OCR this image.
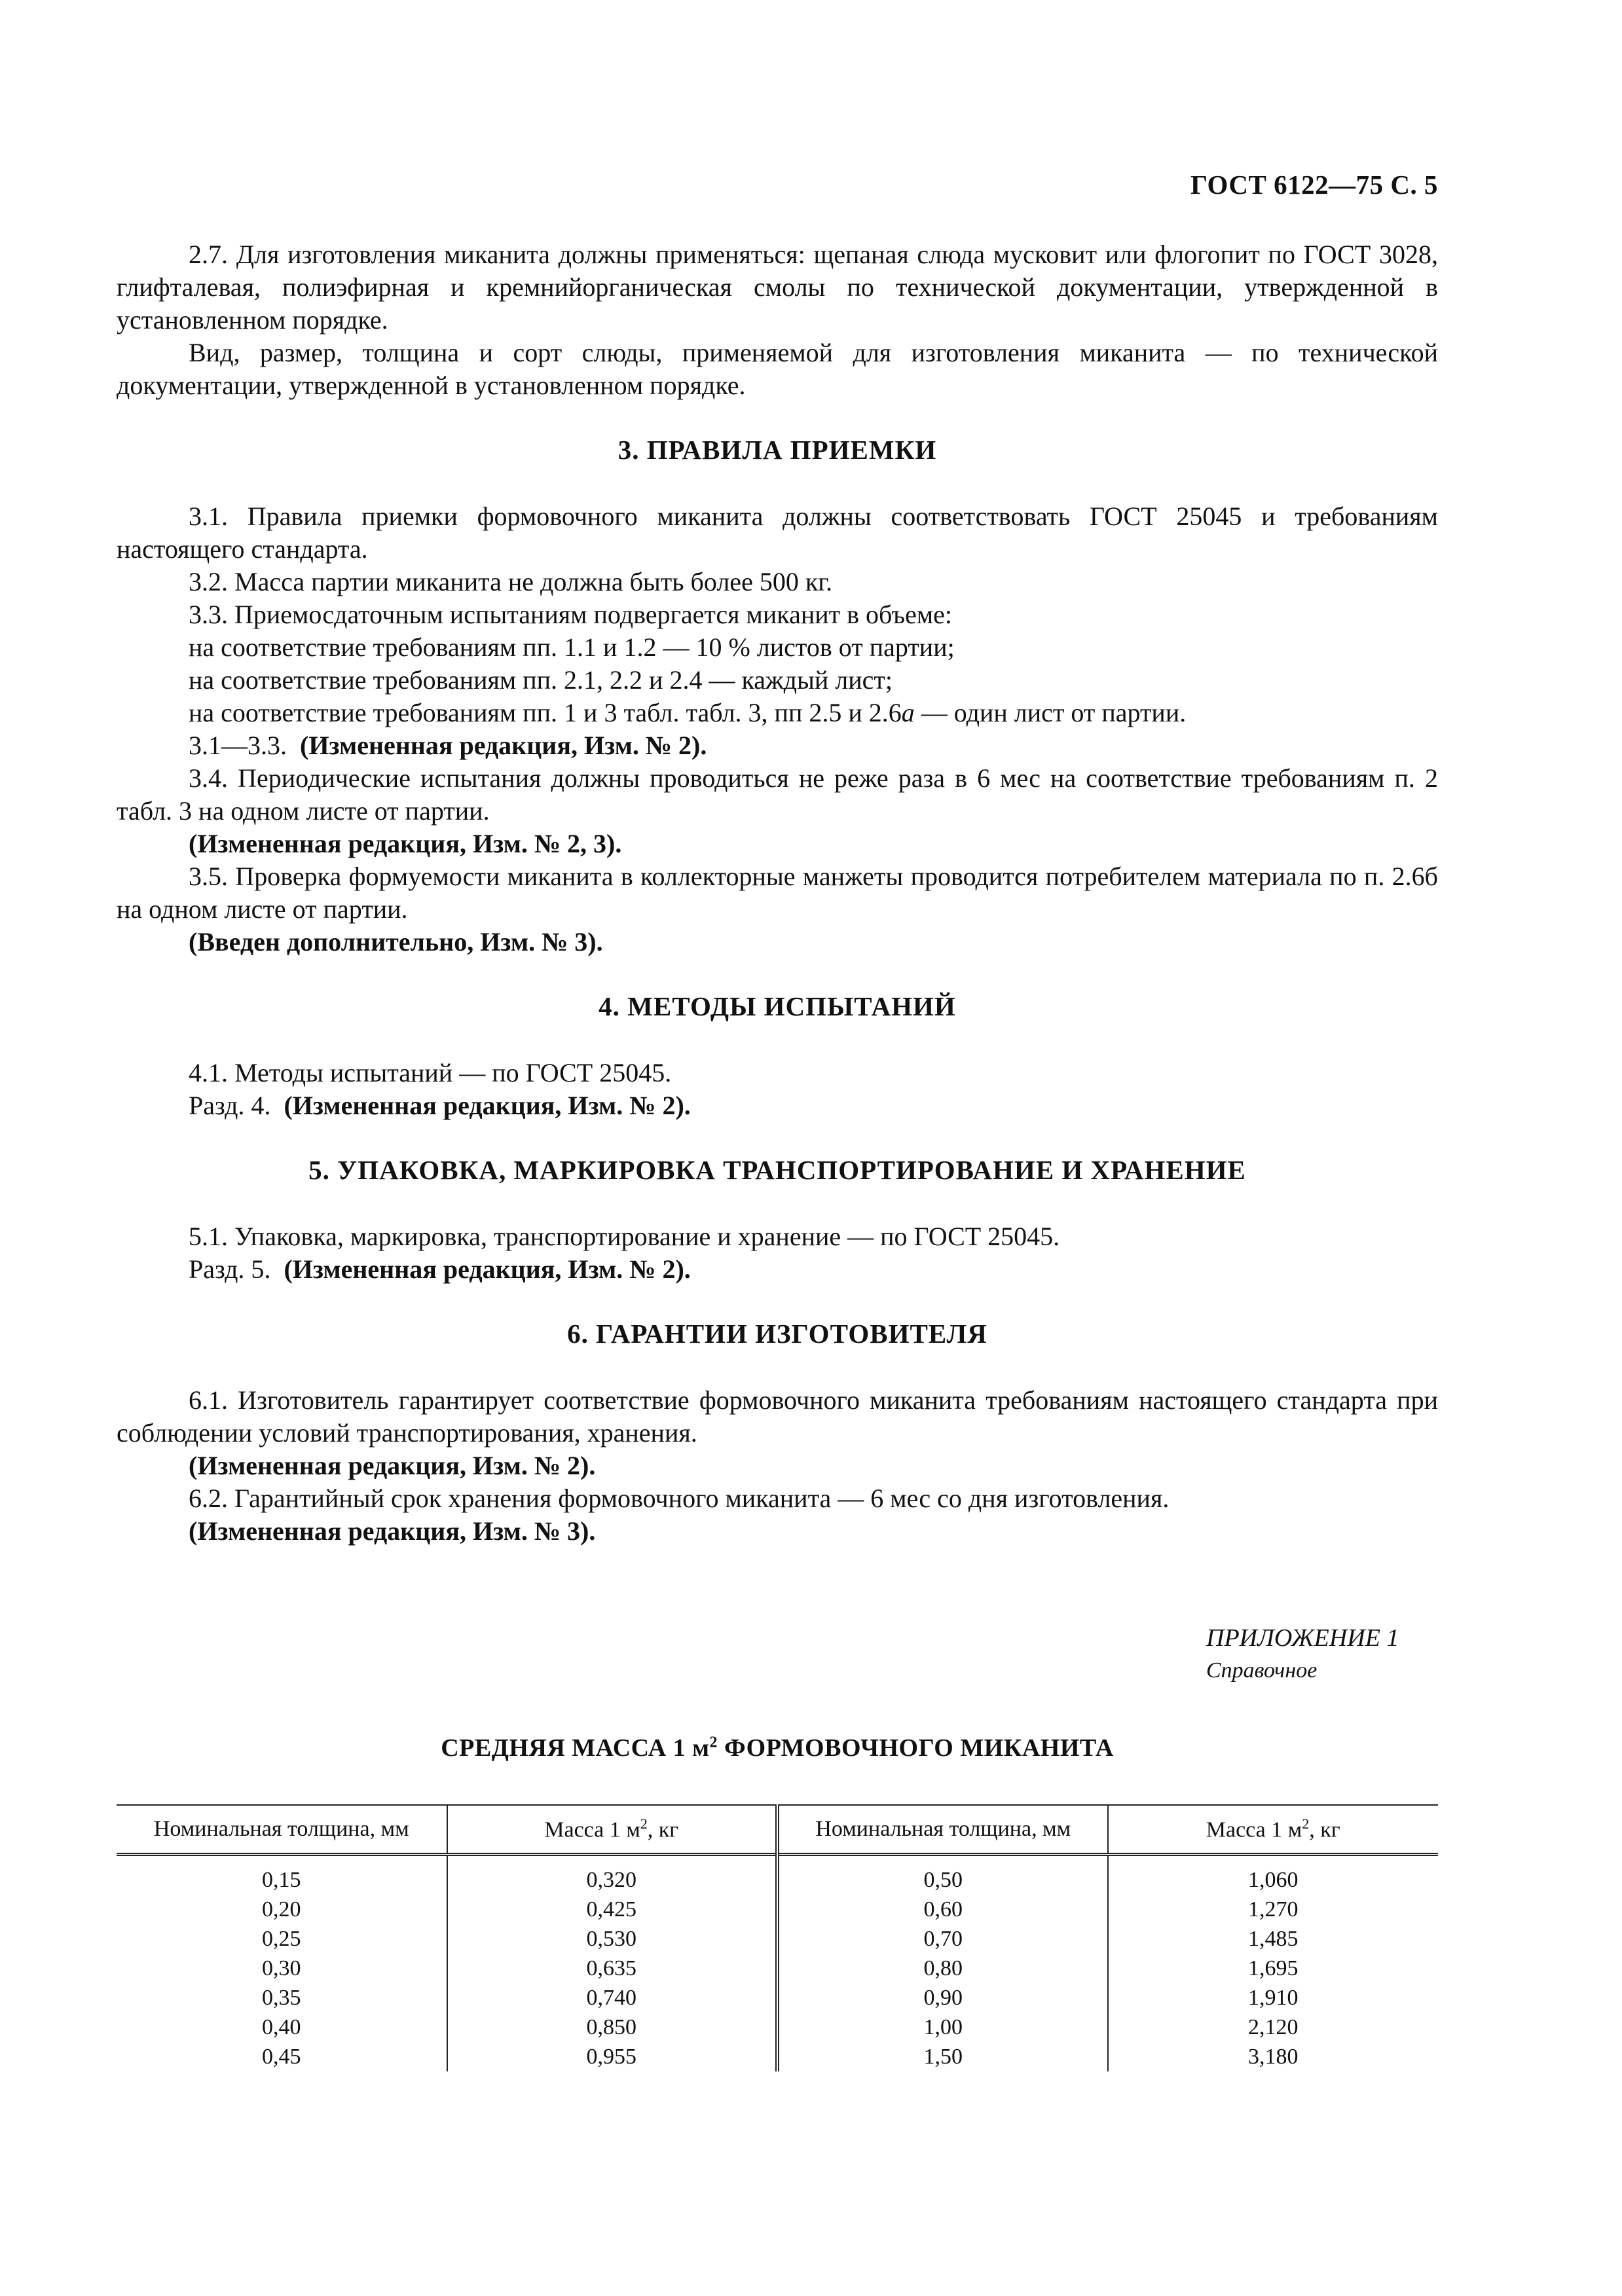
ГОСТ 6122—75 С. 5

2.7. Для изготовления миканита должны применяться: щепаная слюда мусковит или флогопит по ГОСТ 3028, глифталевая, полиэфирная и кремнийорганическая смолы по технической документации, утвержденной в установленном порядке.

Вид, размер, толщина и сорт слюды, применяемой для изготовления миканита — по технической документации, утвержденной в установленном порядке.

3. ПРАВИЛА ПРИЕМКИ

3.1. Правила приемки формовочного миканита должны соответствовать ГОСТ 25045 и требованиям настоящего стандарта.

3.2. Масса партии миканита не должна быть более 500 кг.

3.3. Приемосдаточным испытаниям подвергается миканит в объеме:

на соответствие требованиям пп. 1.1 и 1.2 — 10 % листов от партии;

на соответствие требованиям пп. 2.1, 2.2 и 2.4 — каждый лист;

на соответствие требованиям пп. 1 и 3 табл. табл. 3, пп 2.5 и 2.6а — один лист от партии.

3.1—3.3. (Измененная редакция, Изм. № 2).

3.4. Периодические испытания должны проводиться не реже раза в 6 мес на соответствие требованиям п. 2 табл. 3 на одном листе от партии.

(Измененная редакция, Изм. № 2, 3).

3.5. Проверка формуемости миканита в коллекторные манжеты проводится потребителем материала по п. 2.6б на одном листе от партии.

(Введен дополнительно, Изм. № 3).

4. МЕТОДЫ ИСПЫТАНИЙ

4.1. Методы испытаний — по ГОСТ 25045.

Разд. 4. (Измененная редакция, Изм. № 2).

5. УПАКОВКА, МАРКИРОВКА ТРАНСПОРТИРОВАНИЕ И ХРАНЕНИЕ

5.1. Упаковка, маркировка, транспортирование и хранение — по ГОСТ 25045.

Разд. 5. (Измененная редакция, Изм. № 2).

6. ГАРАНТИИ ИЗГОТОВИТЕЛЯ

6.1. Изготовитель гарантирует соответствие формовочного миканита требованиям настоящего стандарта при соблюдении условий транспортирования, хранения.

(Измененная редакция, Изм. № 2).

6.2. Гарантийный срок хранения формовочного миканита — 6 мес со дня изготовления.

(Измененная редакция, Изм. № 3).

ПРИЛОЖЕНИЕ 1
Справочное
СРЕДНЯЯ МАССА 1 $м^2$ ФОРМОВОЧНОГО МИКАНИТА
Номинальная толщина, мм	Масса 1 $м^2$, кг	Номинальная толщина, мм	Масса 1 $м^2$, кг
0,15	0,320	0,50	1,060
0,20	0,425	0,60	1,270
0,25	0,530	0,70	1,485
0,30	0,635	0,80	1,695
0,35	0,740	0,90	1,910
0,40	0,850	1,00	2,120
0,45	0,955	1,50	3,180
